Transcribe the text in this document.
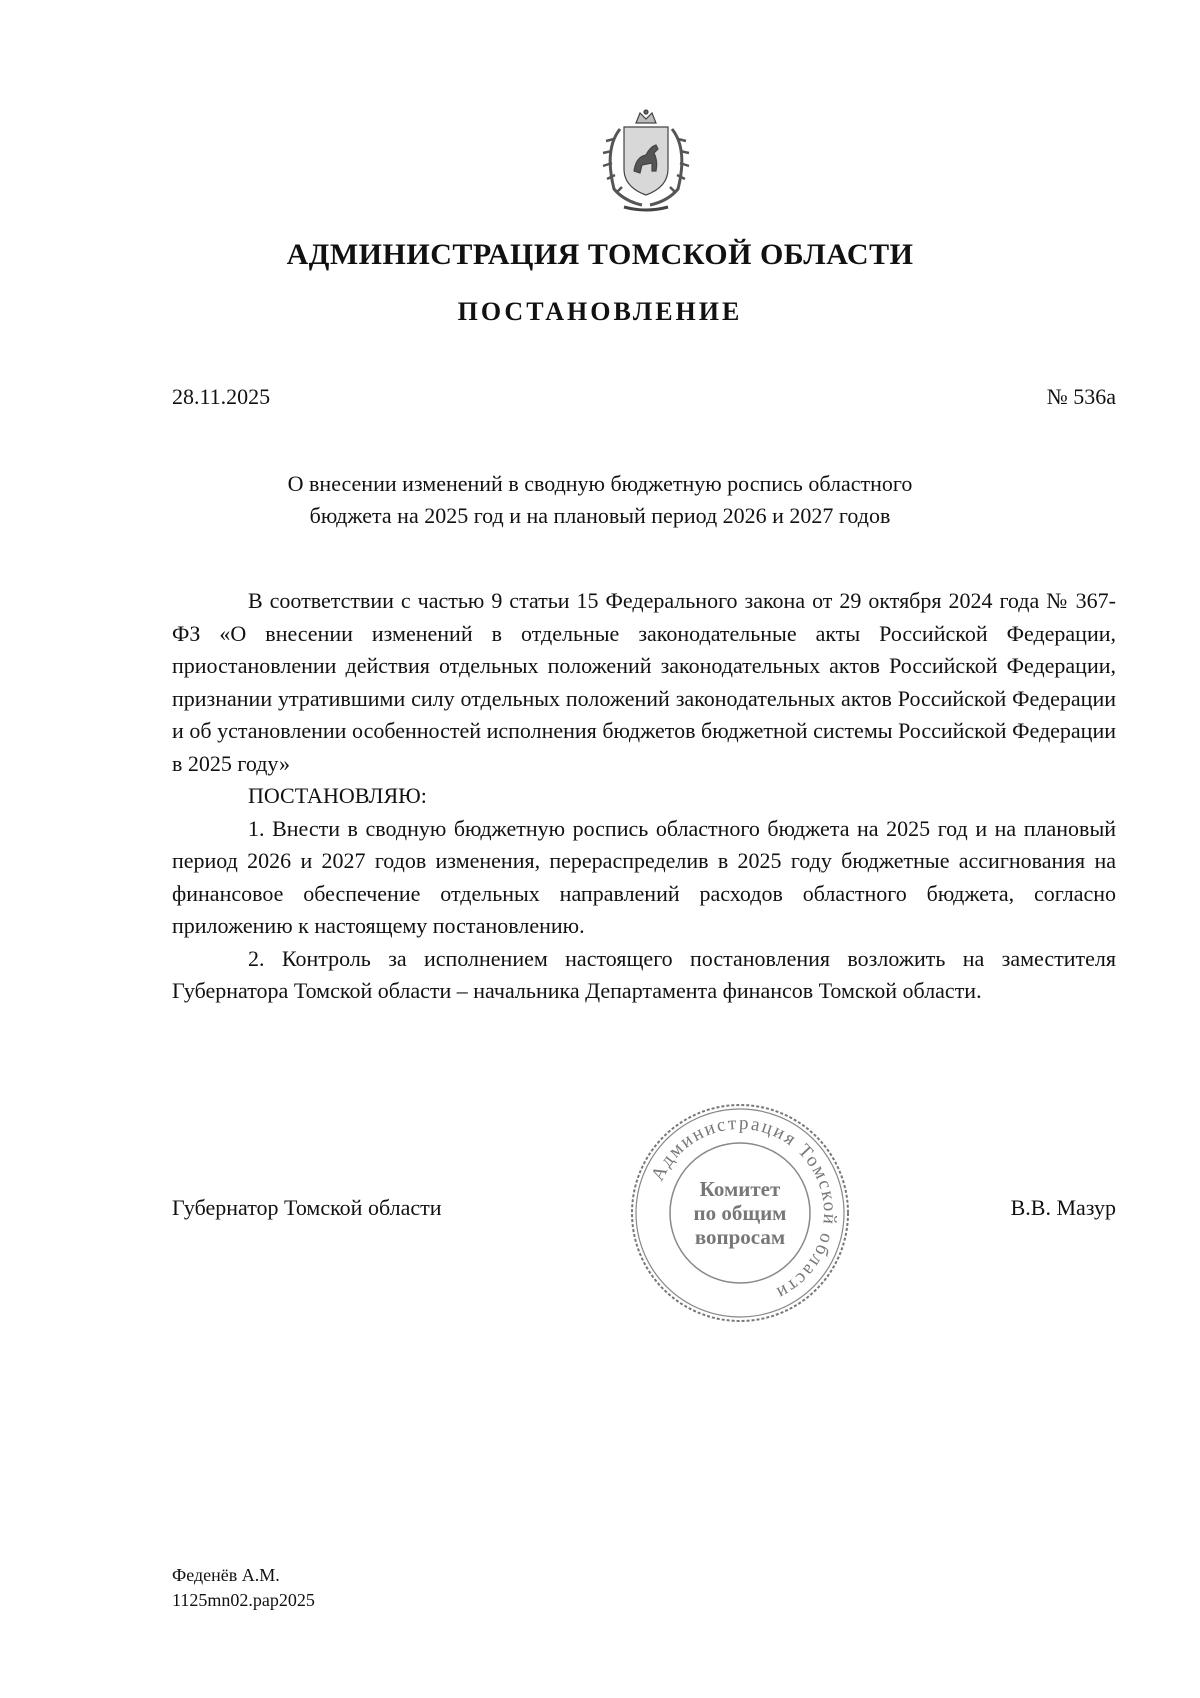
АДМИНИСТРАЦИЯ ТОМСКОЙ ОБЛАСТИ
ПОСТАНОВЛЕНИЕ
28.11.2025	№ 536а
О внесении изменений в сводную бюджетную роспись областного
бюджета на 2025 год и на плановый период 2026 и 2027 годов

В соответствии с частью 9 статьи 15 Федерального закона от 29 октября 2024 года № 367-ФЗ «О внесении изменений в отдельные законодательные акты Российской Федерации, приостановлении действия отдельных положений законодательных актов Российской Федерации, признании утратившими силу отдельных положений законодательных актов Российской Федерации и об установлении особенностей исполнения бюджетов бюджетной системы Российской Федерации в 2025 году»

ПОСТАНОВЛЯЮ:

1. Внести в сводную бюджетную роспись областного бюджета на 2025 год и на плановый период 2026 и 2027 годов изменения, перераспределив в 2025 году бюджетные ассигнования на финансовое обеспечение отдельных направлений расходов областного бюджета, согласно приложению к настоящему постановлению.

2. Контроль за исполнением настоящего постановления возложить на заместителя Губернатора Томской области – начальника Департамента финансов Томской области.

Губернатор Томской области	В.В. Мазур
Администрация Томской области
Комитет
по общим
вопросам
Феденёв А.М.
1125mn02.pap2025
